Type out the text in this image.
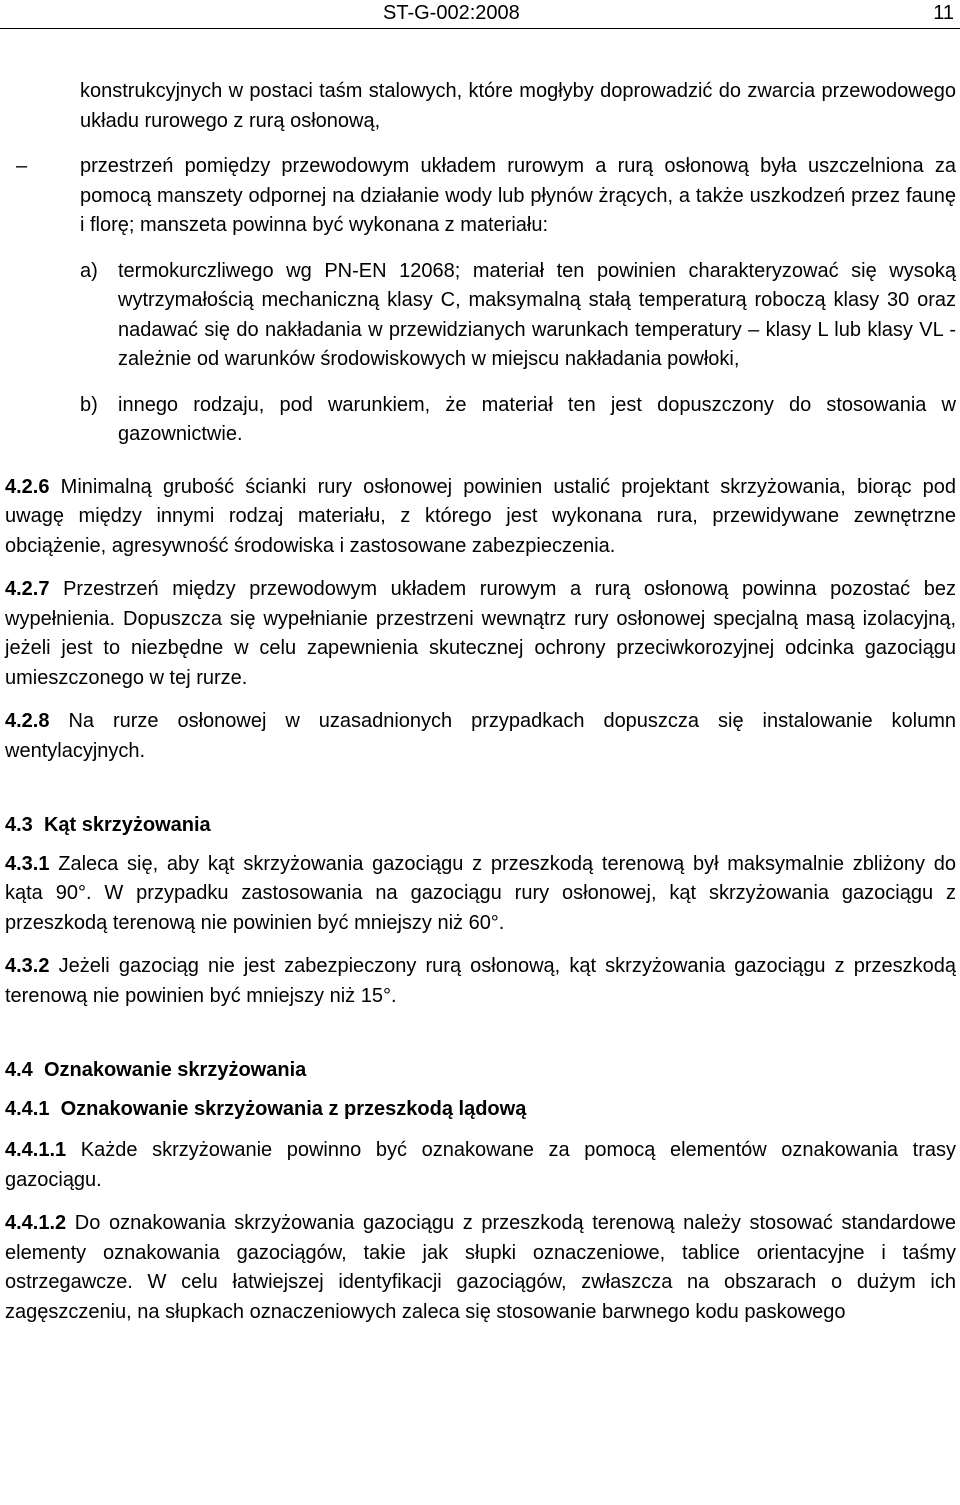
ST-G-002:2008	11

konstrukcyjnych w postaci taśm stalowych, które mogłyby doprowadzić do zwarcia przewodowego układu rurowego z rurą osłonową,

–	przestrzeń pomiędzy przewodowym układem rurowym a rurą osłonową była uszczelniona za pomocą manszety odpornej na działanie wody lub płynów żrących, a także uszkodzeń przez faunę i florę; manszeta powinna być wykonana z materiału:

a) termokurczliwego wg PN-EN 12068; materiał ten powinien charakteryzować się wysoką wytrzymałością mechaniczną klasy C, maksymalną stałą temperaturą roboczą klasy 30 oraz nadawać się do nakładania w przewidzianych warunkach temperatury – klasy L lub klasy VL - zależnie od warunków środowiskowych w miejscu nakładania powłoki,

b) innego rodzaju, pod warunkiem, że materiał ten jest dopuszczony do stosowania w gazownictwie.

4.2.6 Minimalną grubość ścianki rury osłonowej powinien ustalić projektant skrzyżowania, biorąc pod uwagę między innymi rodzaj materiału, z którego jest wykonana rura, przewidywane zewnętrzne obciążenie, agresywność środowiska i zastosowane zabezpieczenia.

4.2.7 Przestrzeń między przewodowym układem rurowym a rurą osłonową powinna pozostać bez wypełnienia. Dopuszcza się wypełnianie przestrzeni wewnątrz rury osłonowej specjalną masą izolacyjną, jeżeli jest to niezbędne w celu zapewnienia skutecznej ochrony przeciwkorozyjnej odcinka gazociągu umieszczonego w tej rurze.

4.2.8 Na rurze osłonowej w uzasadnionych przypadkach dopuszcza się instalowanie kolumn wentylacyjnych.

4.3 Kąt skrzyżowania

4.3.1 Zaleca się, aby kąt skrzyżowania gazociągu z przeszkodą terenową był maksymalnie zbliżony do kąta 90°. W przypadku zastosowania na gazociągu rury osłonowej, kąt skrzyżowania gazociągu z przeszkodą terenową nie powinien być mniejszy niż 60°.

4.3.2 Jeżeli gazociąg nie jest zabezpieczony rurą osłonową, kąt skrzyżowania gazociągu z przeszkodą terenową nie powinien być mniejszy niż 15°.

4.4 Oznakowanie skrzyżowania

4.4.1 Oznakowanie skrzyżowania z przeszkodą lądową

4.4.1.1 Każde skrzyżowanie powinno być oznakowane za pomocą elementów oznakowania trasy gazociągu.

4.4.1.2 Do oznakowania skrzyżowania gazociągu z przeszkodą terenową należy stosować standardowe elementy oznakowania gazociągów, takie jak słupki oznaczeniowe, tablice orientacyjne i taśmy ostrzegawcze. W celu łatwiejszej identyfikacji gazociągów, zwłaszcza na obszarach o dużym ich zagęszczeniu, na słupkach oznaczeniowych zaleca się stosowanie barwnego kodu paskowego
